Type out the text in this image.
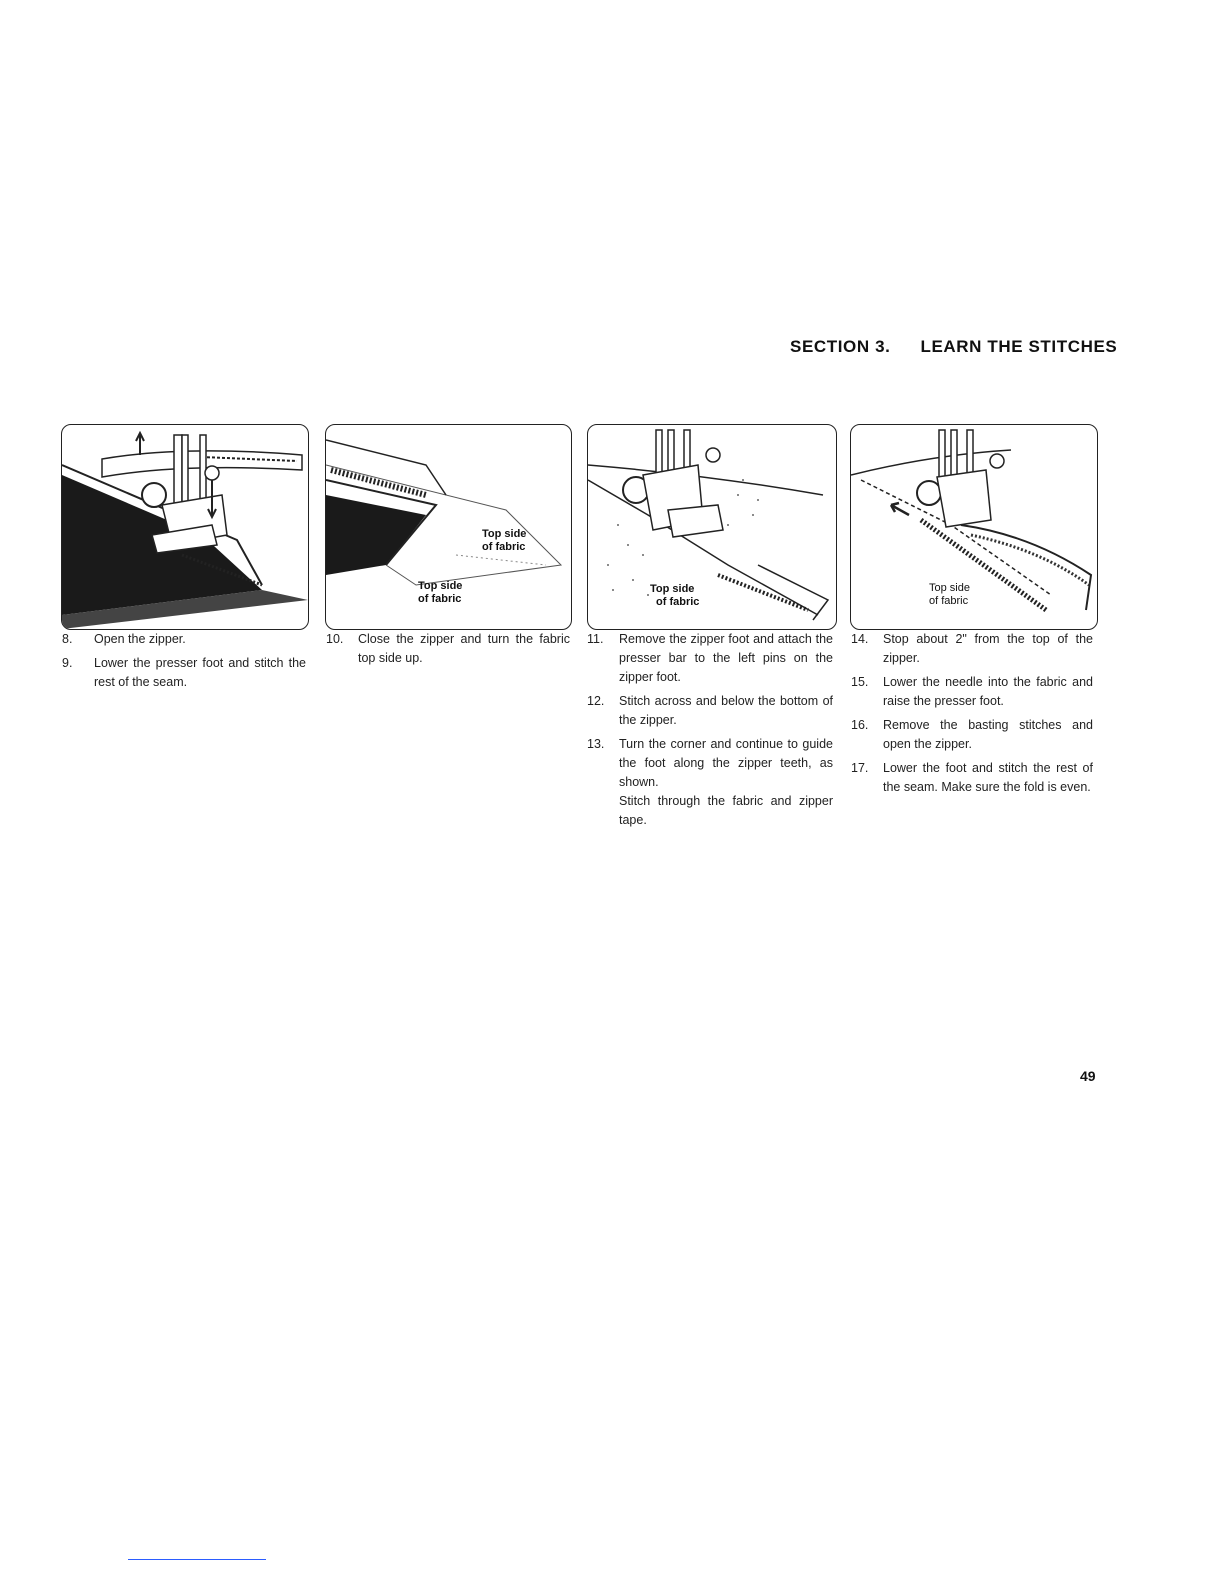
SECTION 3. LEARN THE STITCHES
Top side
of fabric
Top side
of fabric
Top side
of fabric
Top side
of fabric
8. Open the zipper.
9. Lower the presser foot and stitch the rest of the seam.
10. Close the zipper and turn the fabric top side up.
11. Remove the zipper foot and attach the presser bar to the left pins on the zipper foot.
12. Stitch across and below the bottom of the zipper.
13. Turn the corner and continue to guide the foot along the zipper teeth, as shown.
Stitch through the fabric and zipper tape.
14. Stop about 2" from the top of the zipper.
15. Lower the needle into the fabric and raise the presser foot.
16. Remove the basting stitches and open the zipper.
17. Lower the foot and stitch the rest of the seam. Make sure the fold is even.
49
